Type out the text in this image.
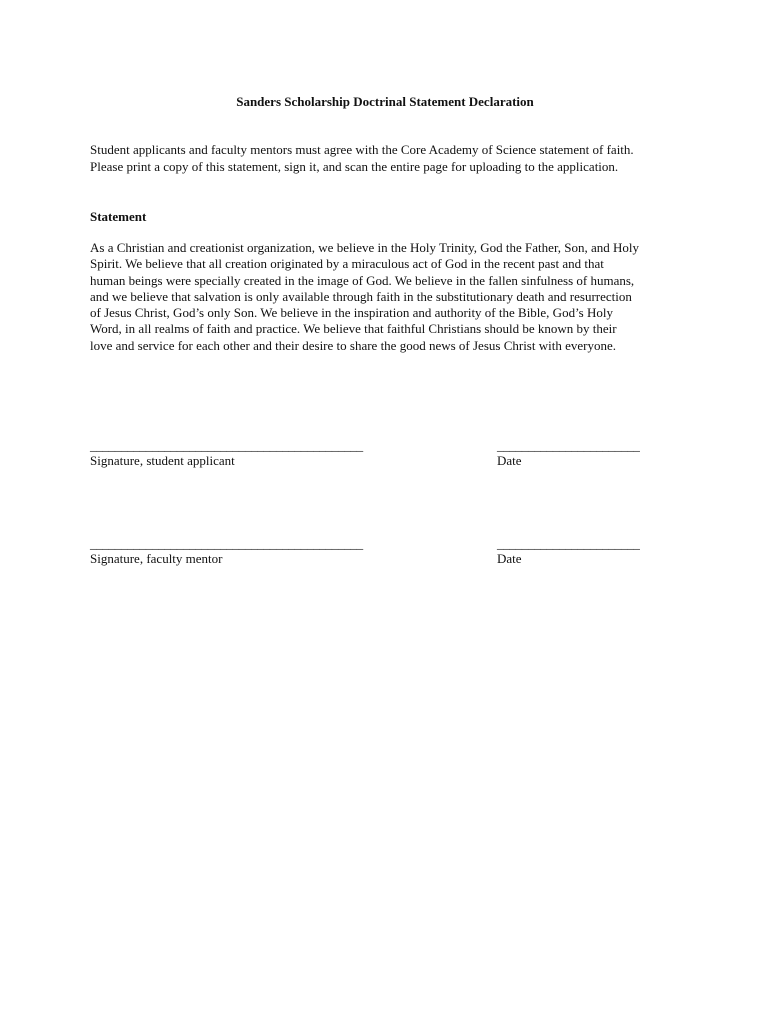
Sanders Scholarship Doctrinal Statement Declaration

Student applicants and faculty mentors must agree with the Core Academy of Science statement of faith.

Please print a copy of this statement, sign it, and scan the entire page for uploading to the application.

Statement

As a Christian and creationist organization, we believe in the Holy Trinity, God the Father, Son, and Holy

Spirit. We believe that all creation originated by a miraculous act of God in the recent past and that

human beings were specially created in the image of God. We believe in the fallen sinfulness of humans,

and we believe that salvation is only available through faith in the substitutionary death and resurrection

of Jesus Christ, God’s only Son. We believe in the inspiration and authority of the Bible, God’s Holy

Word, in all realms of faith and practice. We believe that faithful Christians should be known by their

love and service for each other and their desire to share the good news of Jesus Christ with everyone.

____________________________________________	_______________________
Signature, student applicant	Date
____________________________________________	_______________________
Signature, faculty mentor	Date
